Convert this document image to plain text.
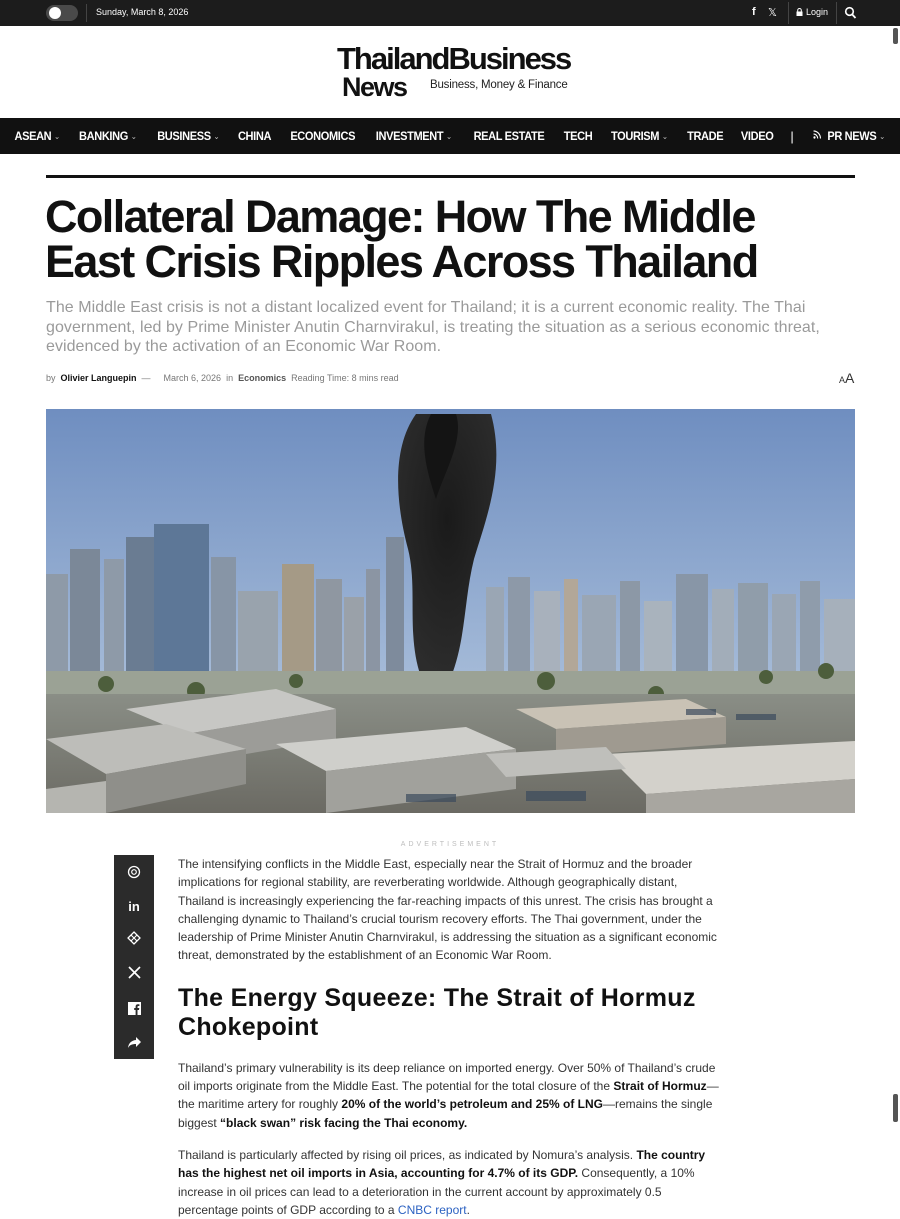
Sunday, March 8, 2026	f 𝕏	Login
ThailandBusiness
News Business, Money & Finance
ASEAN ⌄ BANKING ⌄ BUSINESS ⌄ CHINA ECONOMICS INVESTMENT ⌄ REAL ESTATE TECH TOURISM ⌄ TRADE VIDEO	|	PR NEWS ⌄
Collateral Damage: How The Middle East Crisis Ripples Across Thailand

The Middle East crisis is not a distant localized event for Thailand; it is a current economic reality. The Thai government, led by Prime Minister Anutin Charnvirakul, is treating the situation as a serious economic threat, evidenced by the activation of an Economic War Room.

by Olivier Languepin — March 6, 2026 in Economics Reading Time: 8 mins read	AA
ADVERTISEMENT
in

The intensifying conflicts in the Middle East, especially near the Strait of Hormuz and the broader implications for regional stability, are reverberating worldwide. Although geographically distant, Thailand is increasingly experiencing the far-reaching impacts of this unrest. The crisis has brought a challenging dynamic to Thailand’s crucial tourism recovery efforts. The Thai government, under the leadership of Prime Minister Anutin Charnvirakul, is addressing the situation as a significant economic threat, demonstrated by the establishment of an Economic War Room.

The Energy Squeeze: The Strait of Hormuz Chokepoint

Thailand’s primary vulnerability is its deep reliance on imported energy. Over 50% of Thailand’s crude oil imports originate from the Middle East. The potential for the total closure of the Strait of Hormuz—the maritime artery for roughly 20% of the world’s petroleum and 25% of LNG—remains the single biggest “black swan” risk facing the Thai economy.

Thailand is particularly affected by rising oil prices, as indicated by Nomura’s analysis. The country has the highest net oil imports in Asia, accounting for 4.7% of its GDP. Consequently, a 10% increase in oil prices can lead to a deterioration in the current account by approximately 0.5 percentage points of GDP according to a CNBC report.
